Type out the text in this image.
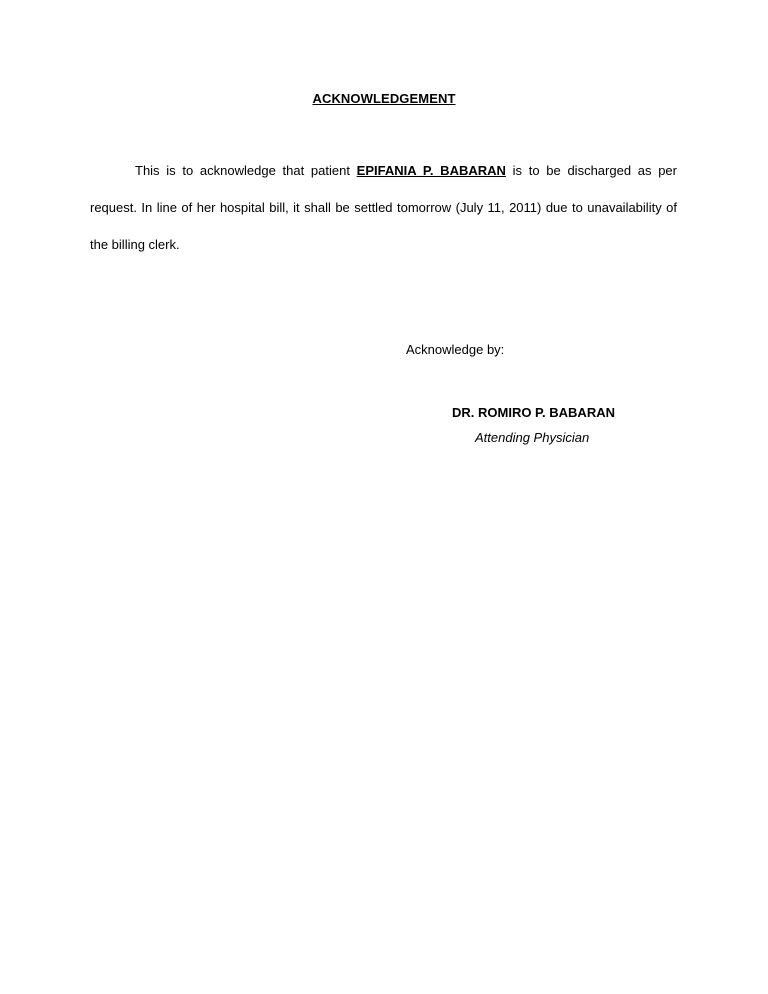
ACKNOWLEDGEMENT

This is to acknowledge that patient EPIFANIA P. BABARAN is to be discharged as per request. In line of her hospital bill, it shall be settled tomorrow (July 11, 2011) due to unavailability of the billing clerk.

Acknowledge by:
DR. ROMIRO P. BABARAN
Attending Physician
